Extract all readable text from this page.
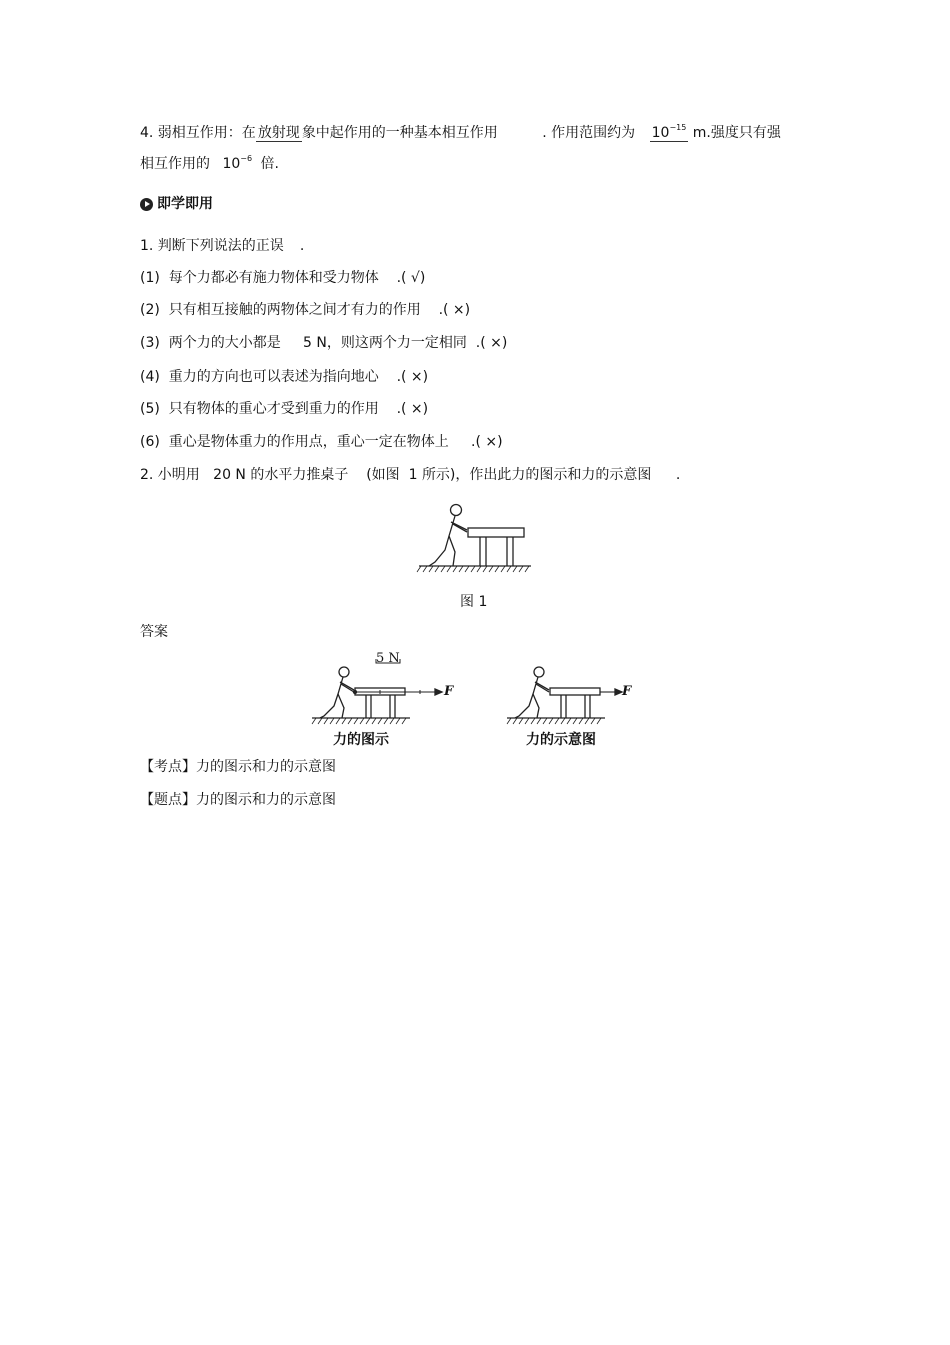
4. 弱相互作用：在 放射现 象中起作用的一种基本相互作用	. 作用范围约为 $10^{-15}$ m.强度只有强
相互作用的 $10^{-6}$ 倍.
即学即用
1. 判断下列说法的正误 .
(1) 每个力都必有施力物体和受力物体 .( √)
(2) 只有相互接触的两物体之间才有力的作用 .( ×)
(3) 两个力的大小都是 5 N，则这两个力一定相同 .( ×)
(4) 重力的方向也可以表述为指向地心 .( ×)
(5) 只有物体的重心才受到重力的作用 .( ×)
(6) 重心是物体重力的作用点，重心一定在物体上 .( ×)
2. 小明用 20 N 的水平力推桌子 (如图 1 所示)，作出此力的图示和力的示意图 .
图 1
答案
5 N
F
力的图示
F
力的示意图
【考点】力的图示和力的示意图
【题点】力的图示和力的示意图
